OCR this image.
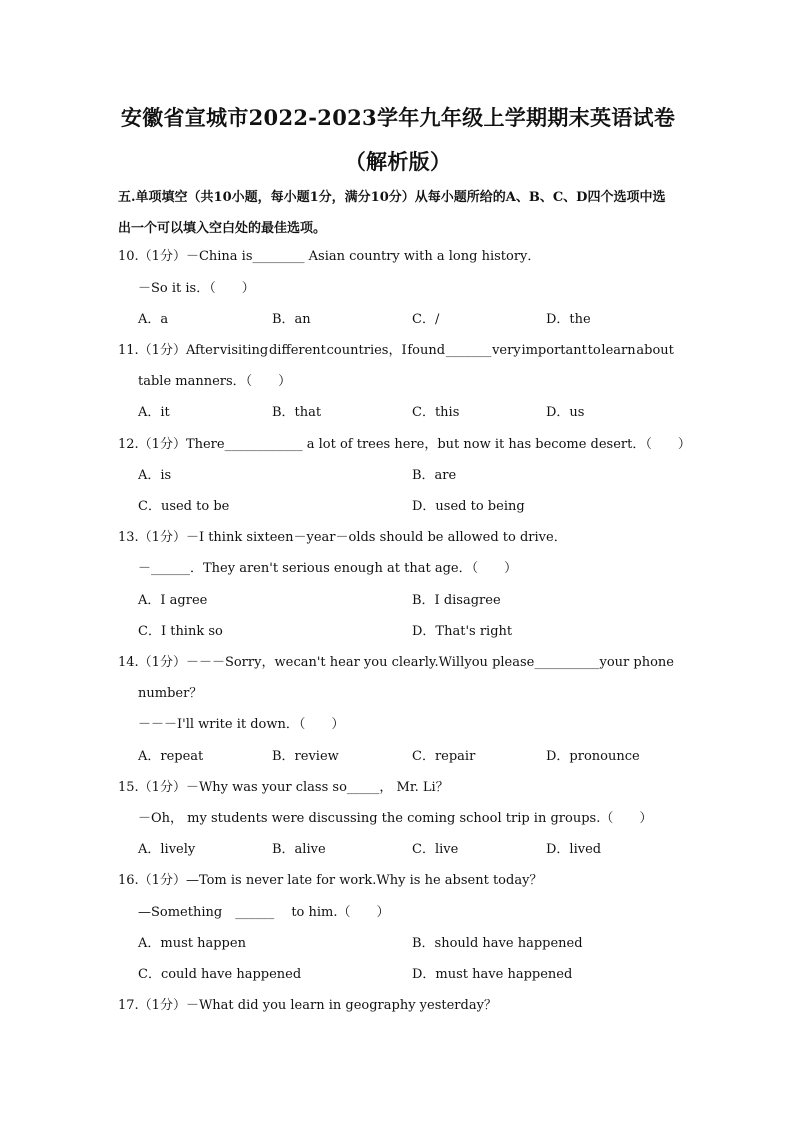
安徽省宣城市2022-2023学年九年级上学期期末英语试卷（解析版）
五.单项填空（共10小题，每小题1分，满分10分）从每小题所给的A、B、C、D四个选项中选出一个可以填入空白处的最佳选项。
10.（1分）－China is________ Asian country with a long history．
－So it is．（　　）
A．a	B．an	C．/	D．the
11.（1分）After visiting different countries，I found _______ very important to learn about
table manners．（　　）
A．it	B．that	C．this	D．us
12.（1分）There____________ a lot of trees here，but now it has become desert．（　　）
A．is	B．are
C．used to be	D．used to being
13.（1分）－I think sixteen－year－olds should be allowed to drive．
－______．They aren't serious enough at that age．（　　）
A．I agree	B．I disagree
C．I think so	D．That's right
14.（1分）－－－Sorry，we can't hear you clearly.Will you please __________your phone
number？
－－－I'll write it down．（　　）
A．repeat	B．review	C．repair	D．pronounce
15.（1分）－Why was your class so_____， Mr. Li？
－Oh， my students were discussing the coming school trip in groups.（　　）
A．lively	B．alive	C．live	D．lived
16.（1分）—Tom is never late for work.Why is he absent today？
—Something　______　 to him.（　　）
A．must happen	B．should have happened
C．could have happened	D．must have happened
17.（1分）－What did you learn in geography yesterday？
